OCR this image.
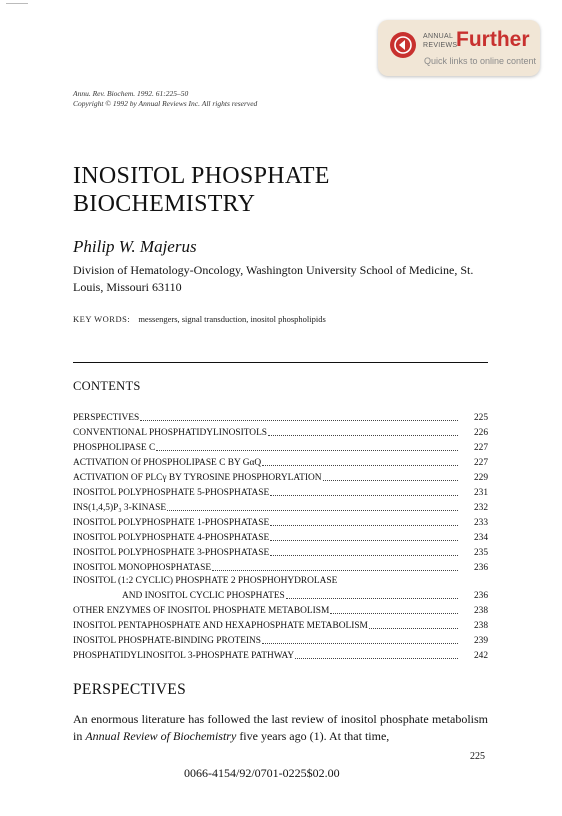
ANNUAL
REVIEWS
Further
Quick links to online content
Annu. Rev. Biochem. 1992. 61:225–50
Copyright © 1992 by Annual Reviews Inc. All rights reserved
INOSITOL PHOSPHATE
BIOCHEMISTRY
Philip W. Majerus
Division of Hematology-Oncology, Washington University School of Medicine, St. Louis, Missouri 63110
KEY WORDS: messengers, signal transduction, inositol phospholipids
CONTENTS
PERSPECTIVES	225
CONVENTIONAL PHOSPHATIDYLINOSITOLS	226
PHOSPHOLIPASE C	227
ACTIVATION Of PHOSPHOLIPASE C BY GαQ	227
ACTIVATION OF PLCγ BY TYROSINE PHOSPHORYLATION	229
INOSITOL POLYPHOSPHATE 5-PHOSPHATASE	231
INS(1,4,5)P₃ 3-KINASE	232
INOSITOL POLYPHOSPHATE 1-PHOSPHATASE	233
INOSITOL POLYPHOSPHATE 4-PHOSPHATASE	234
INOSITOL POLYPHOSPHATE 3-PHOSPHATASE	235
INOSITOL MONOPHOSPHATASE	236
INOSITOL (1:2 CYCLIC) PHOSPHATE 2 PHOSPHOHYDROLASE
AND INOSITOL CYCLIC PHOSPHATES	236
OTHER ENZYMES OF INOSITOL PHOSPHATE METABOLISM	238
INOSITOL PENTAPHOSPHATE AND HEXAPHOSPHATE METABOLISM	238
INOSITOL PHOSPHATE-BINDING PROTEINS	239
PHOSPHATIDYLINOSITOL 3-PHOSPHATE PATHWAY	242
PERSPECTIVES
An enormous literature has followed the last review of inositol phosphate metabolism in Annual Review of Biochemistry five years ago (1). At that time,
225
0066-4154/92/0701-0225$02.00
